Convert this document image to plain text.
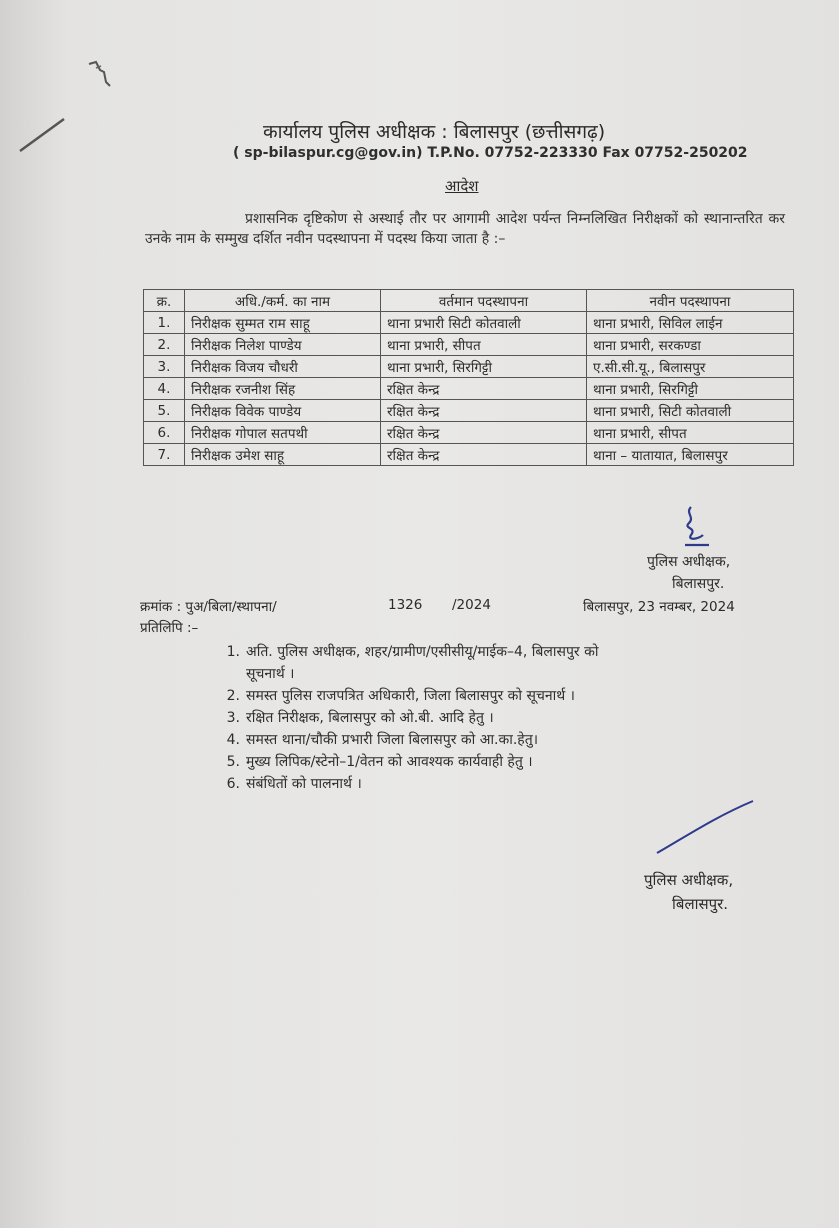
कार्यालय पुलिस अधीक्षक : बिलासपुर (छत्तीसगढ़)
( sp-bilaspur.cg@gov.in) T.P.No. 07752-223330 Fax 07752-250202
आदेश
प्रशासनिक दृष्टिकोण से अस्थाई तौर पर आगामी आदेश पर्यन्त निम्नलिखित निरीक्षकों को स्थानान्तरित कर उनके नाम के सम्मुख दर्शित नवीन पदस्थापना में पदस्थ किया जाता है :–
क्र.	अधि./कर्म. का नाम	वर्तमान पदस्थापना	नवीन पदस्थापना
1.	निरीक्षक सुम्मत राम साहू	थाना प्रभारी सिटी कोतवाली	थाना प्रभारी, सिविल लाईन
2.	निरीक्षक निलेश पाण्डेय	थाना प्रभारी, सीपत	थाना प्रभारी, सरकण्डा
3.	निरीक्षक विजय चौधरी	थाना प्रभारी, सिरगिट्टी	ए.सी.सी.यू., बिलासपुर
4.	निरीक्षक रजनीश सिंह	रक्षित केन्द्र	थाना प्रभारी, सिरगिट्टी
5.	निरीक्षक विवेक पाण्डेय	रक्षित केन्द्र	थाना प्रभारी, सिटी कोतवाली
6.	निरीक्षक गोपाल सतपथी	रक्षित केन्द्र	थाना प्रभारी, सीपत
7.	निरीक्षक उमेश साहू	रक्षित केन्द्र	थाना – यातायात, बिलासपुर
पुलिस अधीक्षक,
बिलासपुर.
क्रमांक : पुअ/बिला/स्थापना/	1326 /2024	बिलासपुर, 23 नवम्बर, 2024
प्रतिलिपि :–
1. अति. पुलिस अधीक्षक, शहर/ग्रामीण/एसीसीयू/माईक–4, बिलासपुर को
सूचनार्थ ।
2. समस्त पुलिस राजपत्रित अधिकारी, जिला बिलासपुर को सूचनार्थ ।
3. रक्षित निरीक्षक, बिलासपुर को ओ.बी. आदि हेतु ।
4. समस्त थाना/चौकी प्रभारी जिला बिलासपुर को आ.का.हेतु।
5. मुख्य लिपिक/स्टेनो–1/वेतन को आवश्यक कार्यवाही हेतु ।
6. संबंधितों को पालनार्थ ।
पुलिस अधीक्षक,
बिलासपुर.
